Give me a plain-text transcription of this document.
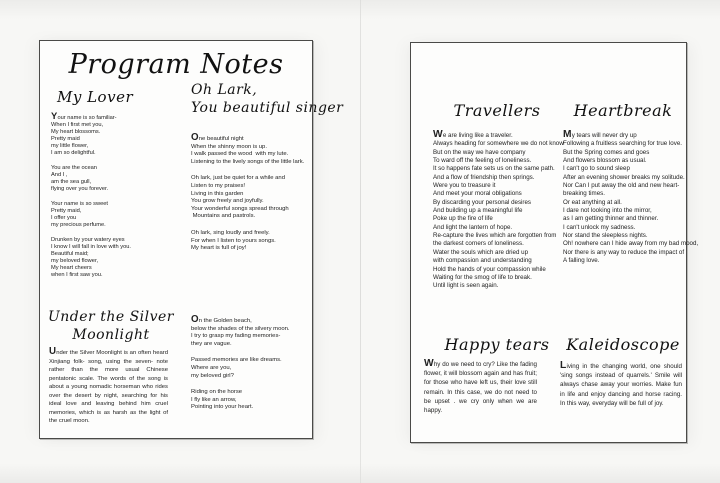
Program Notes
My Lover
Your name is so familiar-
When I first met you,
My heart blossoms.
Pretty maid
my little flower,
I am so delightful.
You are the ocean
And I ,
am the sea gull,
flying over you forever.
Your name is so sweet
Pretty maid,
I offer you
my precious perfume.
Drunken by your watery eyes
I know I will fall in love with you.
Beautiful maid;
my beloved flower,
My heart cheers
when I first saw you.
Under the Silver
Moonlight

Under the Silver Moonlight is an often heard Xinjiang folk- song, using the seven- note rather than the more usual Chinese pentatonic scale. The words of the song is about a young nomadic horseman who rides over the desert by night, searching for his ideal love and leaving behind him cruel memories, which is as harsh as the light of the cruel moon.

Oh Lark,
You beautiful singer
One beautiful night
When the shinny moon is up.
I walk passed the wood  with my lute.
Listening to the lively songs of the little lark.
Oh lark, just be quiet for a while and
Listen to my praises!
Living in this garden
You grow freely and joyfully.
Your wonderful songs spread through
Mountains and pastrols.
Oh lark, sing loudly and freely.
For when I listen to yours songs.
My heart is full of joy!
On the Golden beach,
below the shades of the silvery moon.
I try to grasp my fading memories-
they are vague.
Passed memories are like dreams.
Where are you,
my beloved girl?
Riding on the horse
I fly like an arrow,
Pointing into your heart.
Travellers
We are living like a traveler.
Always heading for somewhere we do not know
But on the way we have company
To ward off the feeling of loneliness.
It so happens fate sets us on the same path.
And a flow of friendship then springs.
Were you to treasure it
And meet your moral obligations
By discarding your personal desires
And building up a meaningful life
Poke up the fire of life
And light the lantern of hope.
Re-capture the lives which are forgotten from
the darkest corners of loneliness.
Water the souls which are dried up
with compassion and understanding
Hold the hands of your compassion while
Waiting for the smog of life to break.
Until light is seen again.
Heartbreak
My tears will never dry up
Following a fruitless searching for true love.
But the Spring comes and goes
And flowers blossom as usual.
I can't go to sound sleep
After an evening shower breaks my solitude.
Nor Can I put away the old and new heart-
breaking times.
Or eat anything at all.
I dare not looking into the mirror,
as I am getting thinner and thinner.
I can't unlock my sadness.
Nor stand the sleepless nights.
Oh! nowhere can I hide away from my bad mood,
Nor there is any way to reduce the impact of
A falling love.
Happy tears

Why do we need to cry? Like the fading flower, it will blossom again and has fruit; for those who have left us, their love still remain. In this case, we do not need to be upset . we cry only when we are happy.

Kaleidoscope

Living in the changing world, one should 'sing songs instead of quarrels.' Smile will always chase away your worries. Make fun in life and enjoy dancing and horse racing. In this way, everyday will be full of joy.
